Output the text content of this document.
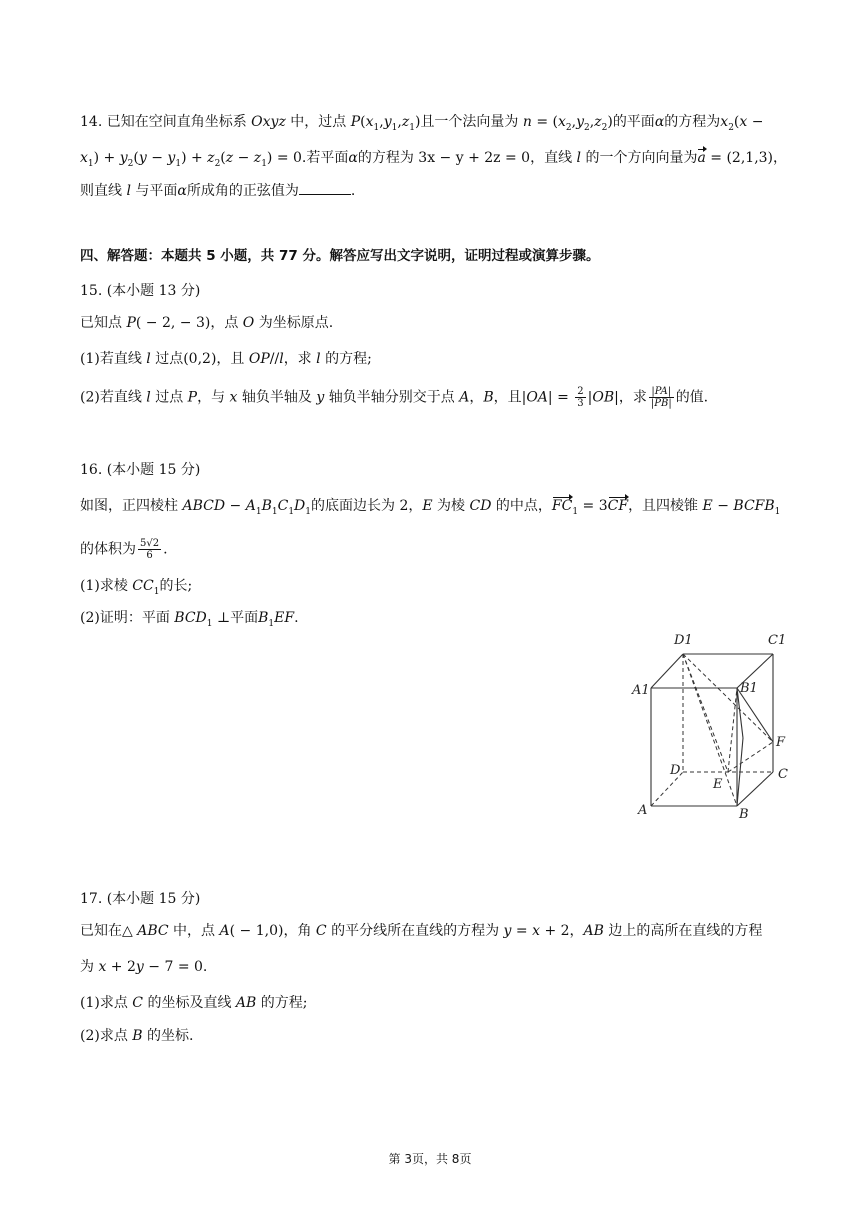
14. 已知在空间直角坐标系 Oxyz 中，过点 $P(x_1,y_1,z_1)$且一个法向量为 $n = (x_2,y_2,z_2)$的平面α的方程为$x_2(x$ −
$x_1) + y_2(y - y_1) + z_2(z - z_1) = 0$.若平面α的方程为 3x − y + 2z = 0，直线 l 的一个方向向量为a = (2,1,3)，
则直线 l 与平面α所成角的正弦值为	.
四、解答题：本题共 5 小题，共 77 分。解答应写出文字说明，证明过程或演算步骤。
15. (本小题 13 分)
已知点 P( − 2, − 3)，点 O 为坐标原点.
(1)若直线 l 过点(0,2)，且 OP//l，求 l 的方程;
(2)若直线 l 过点 P，与 x 轴负半轴及 y 轴负半轴分别交于点 A，B，且$|OA| = \frac{2}{3} |OB|$，求 $\frac{|PA|}{|PB|}$ 的值.
16. (本小题 15 分)
如图，正四棱柱 ABCD − $A_1B_1C_1D_1$的底面边长为 2，E 为棱 CD 的中点，$FC_1 = 3CF$，且四棱锥 $E - BCFB_1$
的体积为 $\frac{5√2}{6}$ .
(1)求棱 $CC_1$的长;
(2)证明：平面 $BCD_1$ ⊥平面$B_1EF$.
D1	C1
A1	B1
F
D
E
C
A	B
17. (本小题 15 分)
已知在△ ABC 中，点 A( − 1,0)，角 C 的平分线所在直线的方程为 y = x + 2，AB 边上的高所在直线的方程
为 x + 2y − 7 = 0.
(1)求点 C 的坐标及直线 AB 的方程;
(2)求点 B 的坐标.
第 3页，共 8页
